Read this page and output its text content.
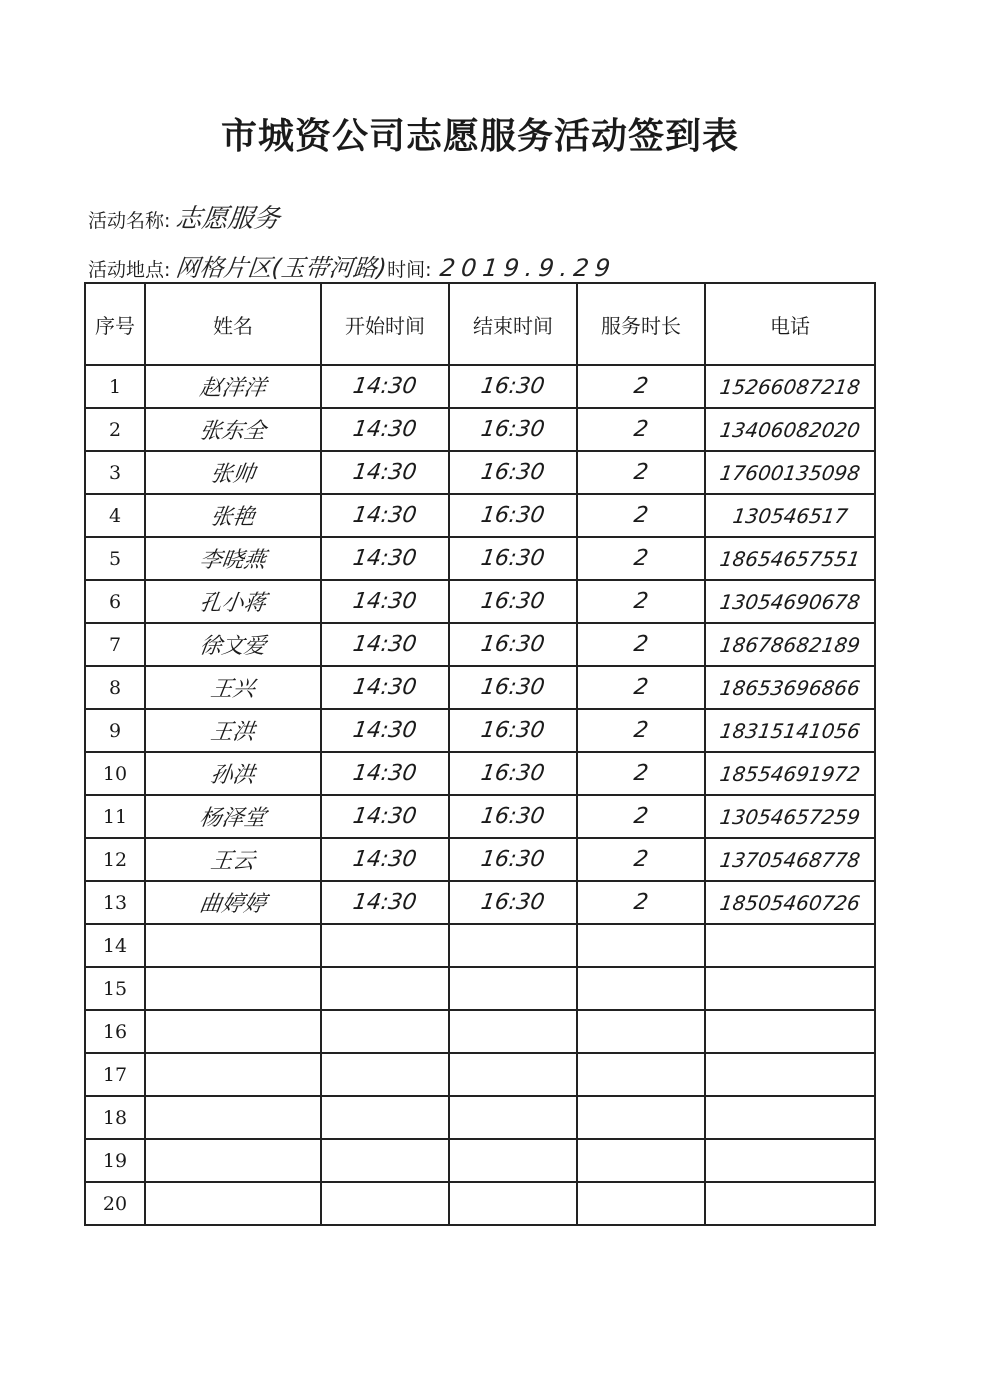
市城资公司志愿服务活动签到表
活动名称: 志愿服务
活动地点: 网格片区(玉带河路)时间: 2019.9.29
序号	姓名	开始时间	结束时间	服务时长	电话
1	赵洋洋	14:30	16:30	2	15266087218
2	张东全	14:30	16:30	2	13406082020
3	张帅	14:30	16:30	2	17600135098
4	张艳	14:30	16:30	2	130546517
5	李晓燕	14:30	16:30	2	18654657551
6	孔小蒋	14:30	16:30	2	13054690678
7	徐文爱	14:30	16:30	2	18678682189
8	王兴	14:30	16:30	2	18653696866
9	王洪	14:30	16:30	2	18315141056
10	孙洪	14:30	16:30	2	18554691972
11	杨泽堂	14:30	16:30	2	13054657259
12	王云	14:30	16:30	2	13705468778
13	曲婷婷	14:30	16:30	2	18505460726
14					
15					
16					
17					
18					
19					
20					
